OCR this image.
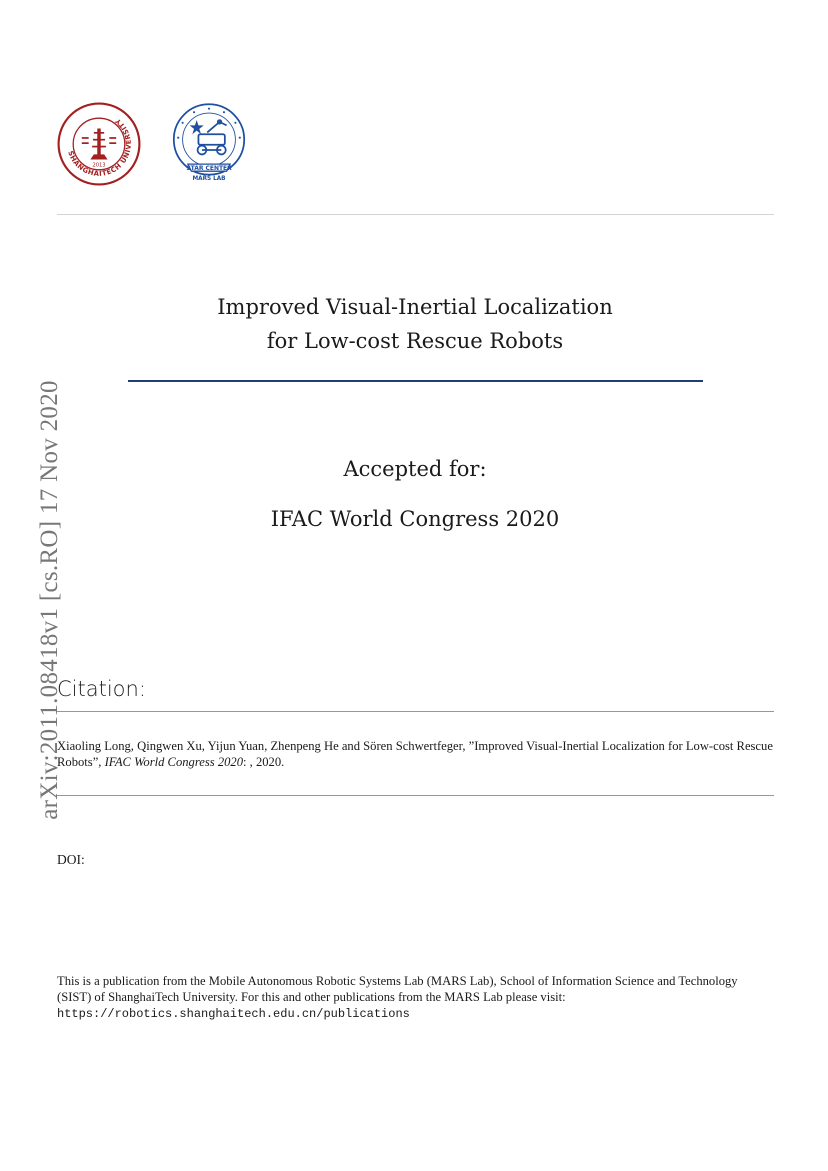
SHANGHAITECH UNIVERSITY
2013	STAR CENTER
MARS LAB
Improved Visual-Inertial Localization
for Low-cost Rescue Robots
Accepted for:
IFAC World Congress 2020
Citation:
Xiaoling Long, Qingwen Xu, Yijun Yuan, Zhenpeng He and Sören Schwertfeger, ”Improved Visual-Inertial Localization for Low-cost Rescue Robots”, IFAC World Congress 2020: , 2020.
DOI:
This is a publication from the Mobile Autonomous Robotic Systems Lab (MARS Lab), School of Information Science and Technology (SIST) of ShanghaiTech University. For this and other publications from the MARS Lab please visit:
https://robotics.shanghaitech.edu.cn/publications
arXiv:2011.08418v1 [cs.RO] 17 Nov 2020
